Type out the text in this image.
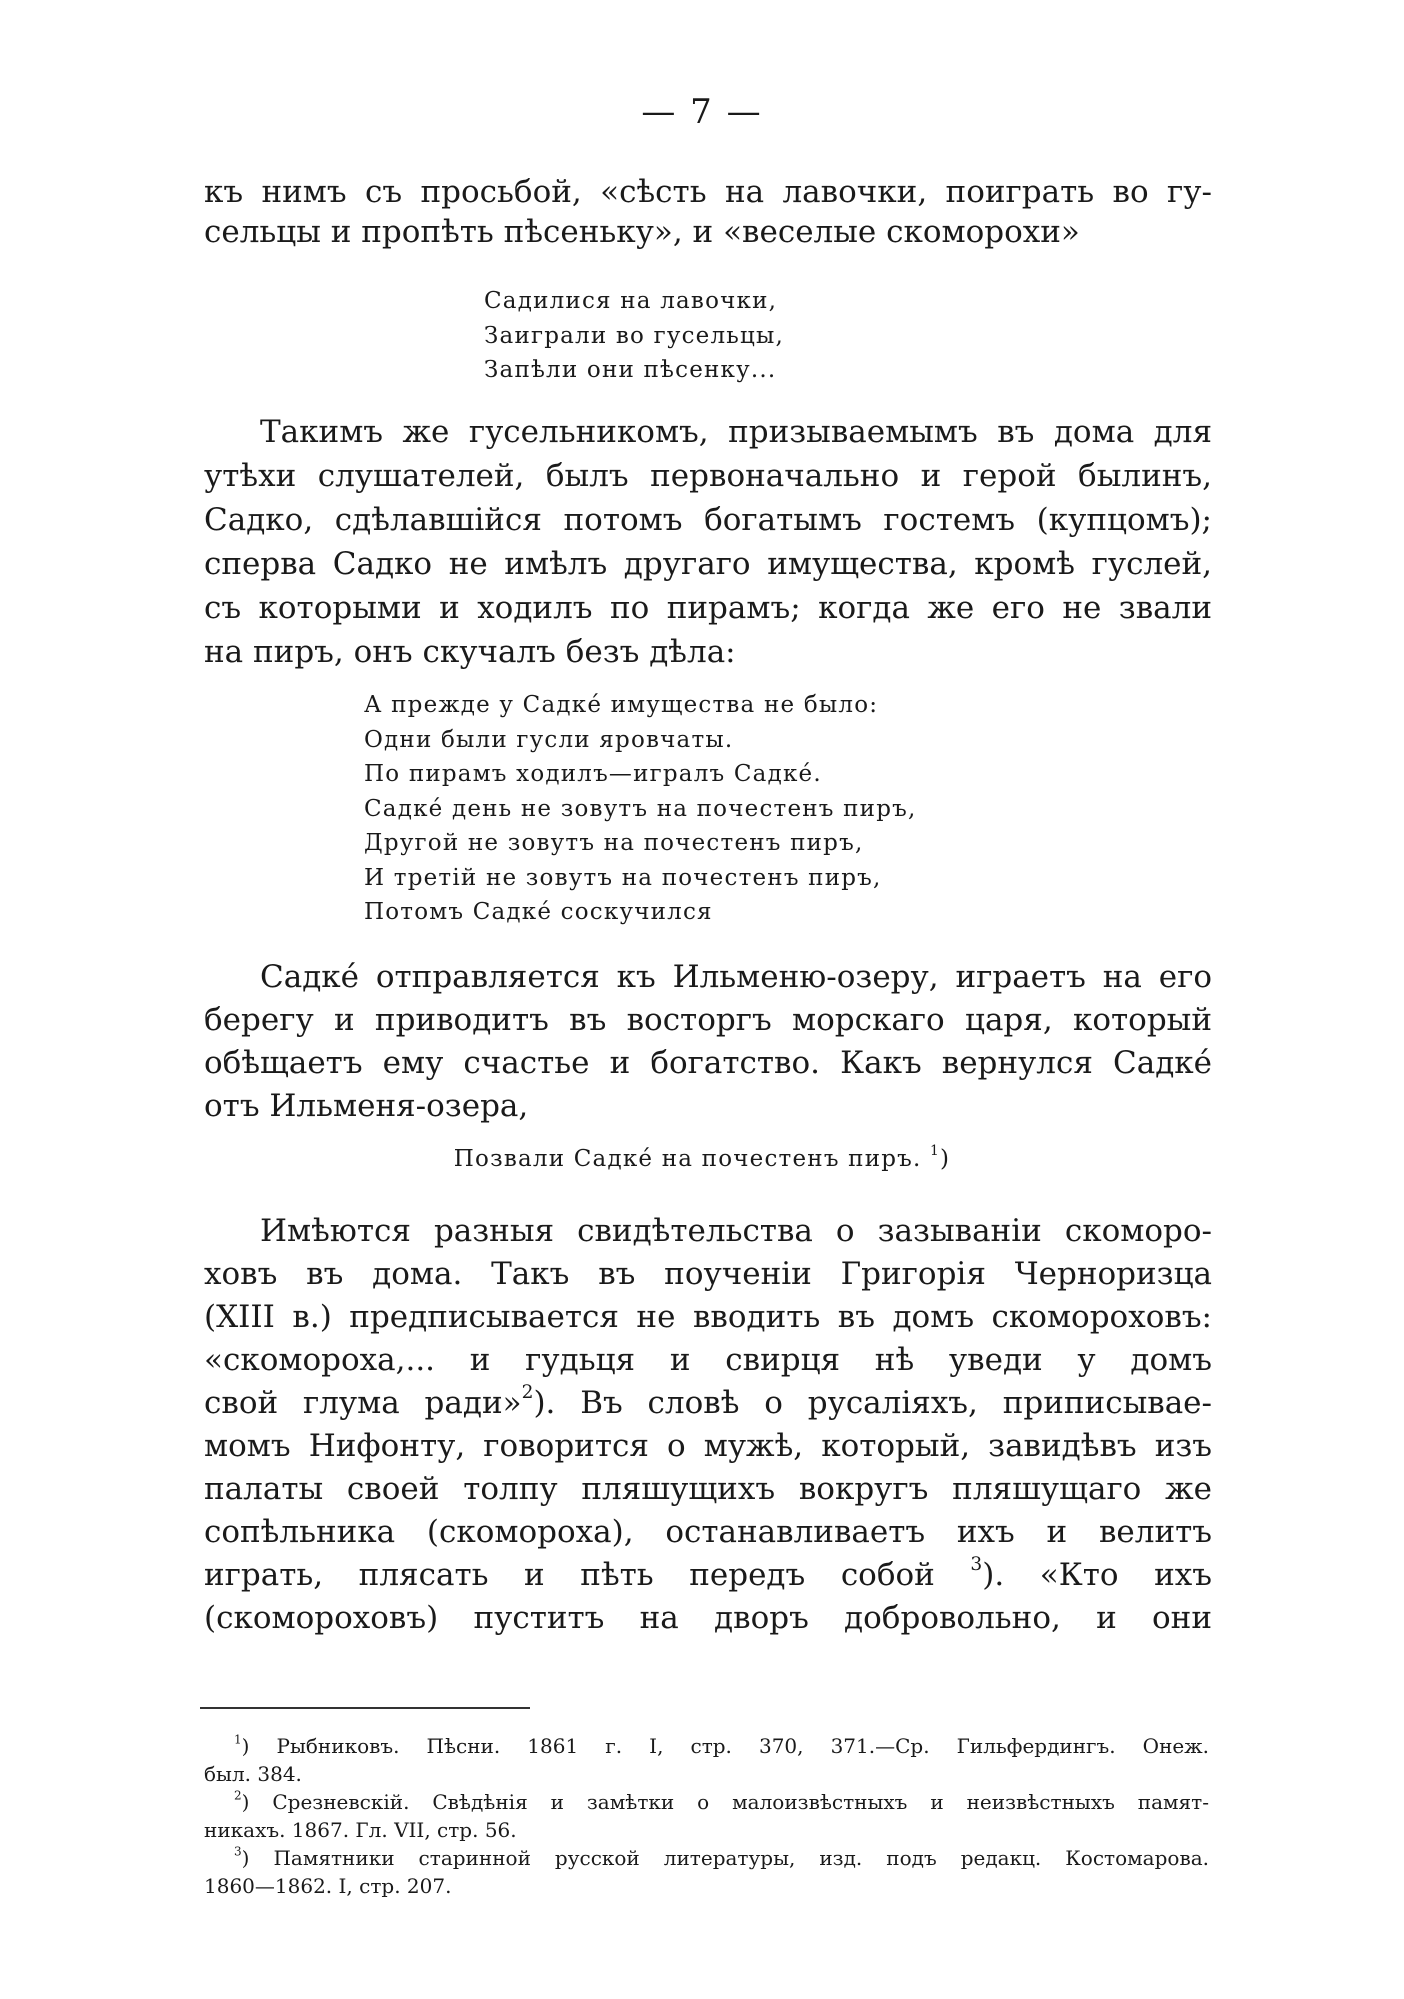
— 7 —
къ нимъ съ просьбой, «сѣсть на лавочки, поиграть во гу-
сельцы и пропѣть пѣсеньку», и «веселые скоморохи»
Садилися на лавочки,
Заиграли во гусельцы,
Запѣли они пѣсенку...
Такимъ же гусельникомъ, призываемымъ въ дома для
утѣхи слушателей, былъ первоначально и герой былинъ,
Садко, сдѣлавшійся потомъ богатымъ гостемъ (купцомъ);
сперва Садко не имѣлъ другаго имущества, кромѣ гуслей,
съ которыми и ходилъ по пирамъ; когда же его не звали
на пиръ, онъ скучалъ безъ дѣла:
А прежде у Садке́ имущества не было:
Одни были гусли яровчаты.
По пирамъ ходилъ—игралъ Садке́.
Садке́ день не зовутъ на почестенъ пиръ,
Другой не зовутъ на почестенъ пиръ,
И третій не зовутъ на почестенъ пиръ,
Потомъ Садке́ соскучился
Садке́ отправляется къ Ильменю-озеру, играетъ на его
берегу и приводитъ въ восторгъ морскаго царя, который
обѣщаетъ ему счастье и богатство. Какъ вернулся Садке́
отъ Ильменя-озера,
Позвали Садке́ на почестенъ пиръ. $^1$)
Имѣются разныя свидѣтельства о зазываніи скоморо-
ховъ въ дома. Такъ въ поученіи Григорія Черноризца
(XIII в.) предписывается не вводить въ домъ скомороховъ:
«скомороха,... и гудьця и свирця нѣ уведи у домъ
свой глума ради»$^2$). Въ словѣ о русаліяхъ, приписывае-
момъ Нифонту, говорится о мужѣ, который, завидѣвъ изъ
палаты своей толпу пляшущихъ вокругъ пляшущаго же
сопѣльника (скомороха), останавливаетъ ихъ и велитъ
играть, плясать и пѣть передъ собой $^3$). «Кто ихъ
(скомороховъ) пуститъ на дворъ добровольно, и они
$^1$) Рыбниковъ. Пѣсни. 1861 г. I, стр. 370, 371.—Ср. Гильфердингъ. Онеж.
был. 384.
$^2$) Срезневскій. Свѣдѣнія и замѣтки о малоизвѣстныхъ и неизвѣстныхъ памят-
никахъ. 1867. Гл. VII, стр. 56.
$^3$) Памятники старинной русской литературы, изд. подъ редакц. Костомарова.
1860—1862. I, стр. 207.
